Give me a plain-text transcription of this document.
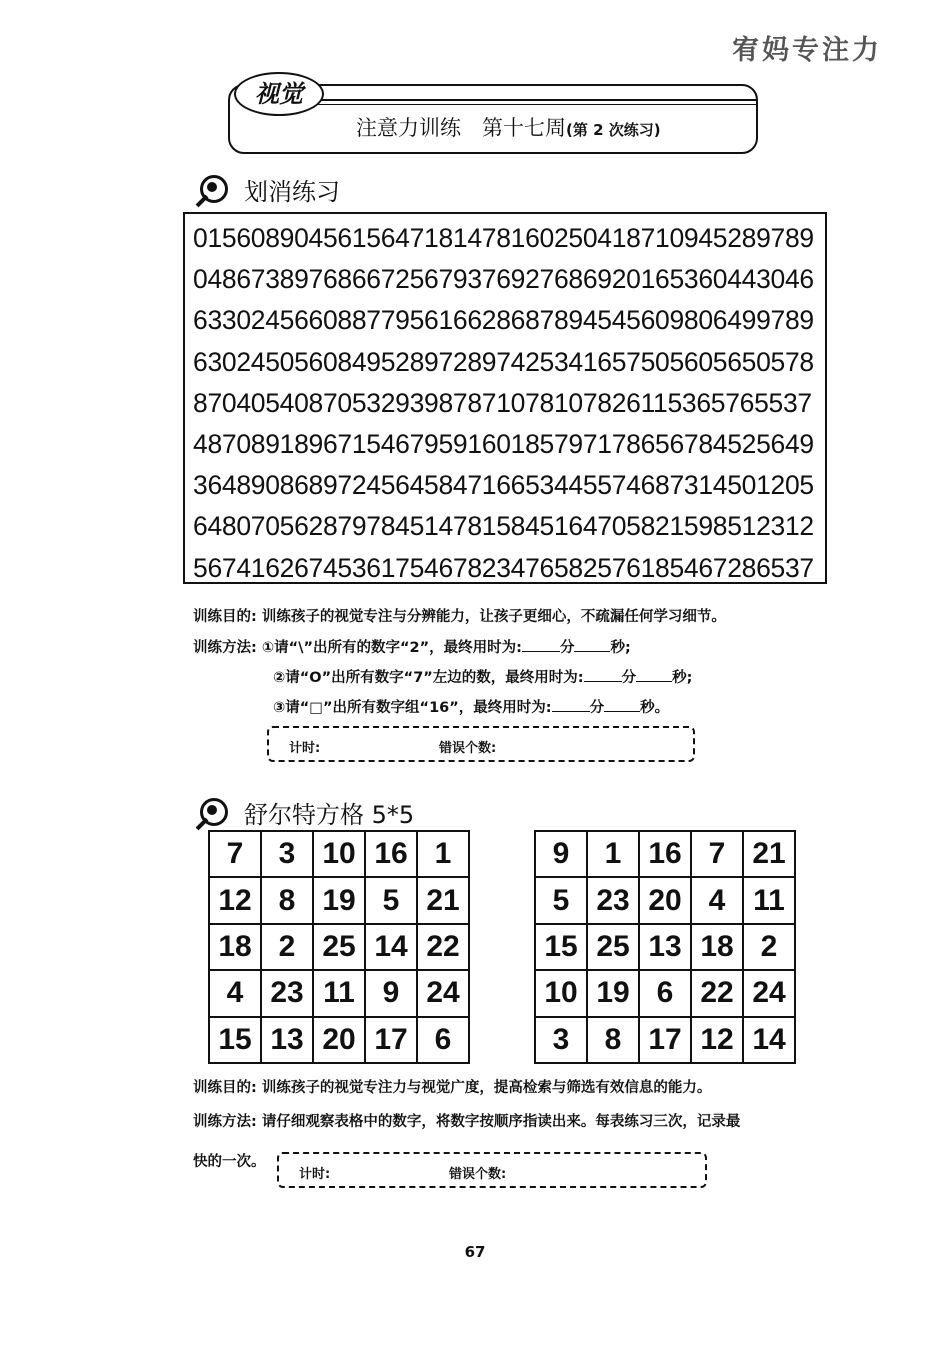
宥妈专注力
视觉
注意力训练　第十七周(第 2 次练习)
划消练习
0156089045615647181478160250418710945289789
0486738976866725679376927686920165360443046
6330245660887795616628687894545609806499789
6302450560849528972897425341657505605650578
8704054087053293987871078107826115365765537
4870891896715467959160185797178656784525649
3648908689724564584716653445574687314501205
6480705628797845147815845164705821598512312
5674162674536175467823476582576185467286537
训练目的: 训练孩子的视觉专注与分辨能力，让孩子更细心，不疏漏任何学习细节。
训练方法: ①请“\”出所有的数字“2”，最终用时为:	分 秒;
②请“O”出所有数字“7”左边的数，最终用时为:	分 秒;
③请“□”出所有数字组“16”，最终用时为:	分 秒。
计时:	错误个数:
舒尔特方格 5*5
7	3	10	16	1
12	8	19	5	21
18	2	25	14	22
4	23	11	9	24
15	13	20	17	6
9	1	16	7	21
5	23	20	4	11
15	25	13	18	2
10	19	6	22	24
3	8	17	12	14
训练目的: 训练孩子的视觉专注力与视觉广度，提高检索与筛选有效信息的能力。
训练方法: 请仔细观察表格中的数字，将数字按顺序指读出来。每表练习三次，记录最
快的一次。
计时:	错误个数:
67
